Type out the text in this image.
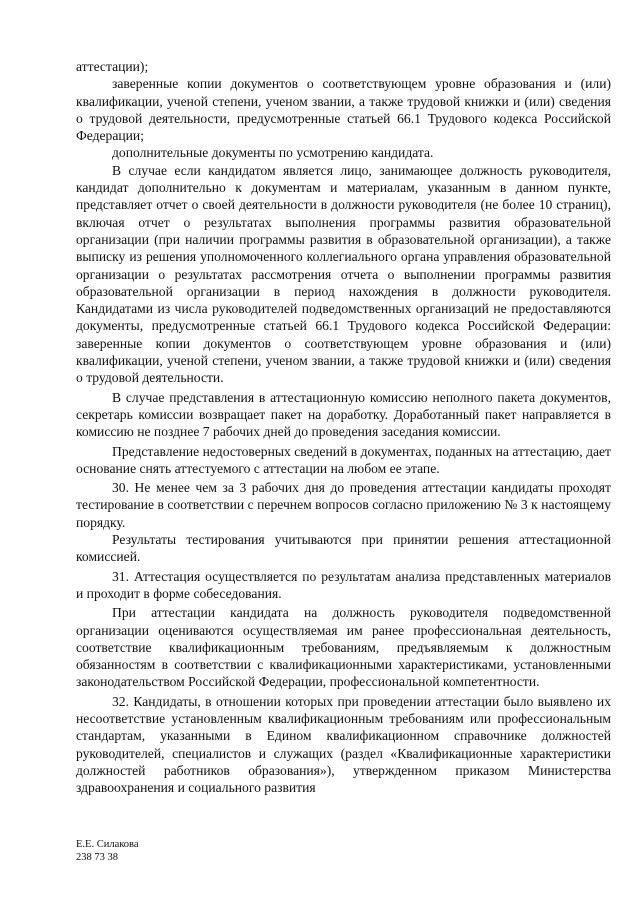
аттестации);

заверенные копии документов о соответствующем уровне образования и (или) квалификации, ученой степени, ученом звании, а также трудовой книжки и (или) сведения о трудовой деятельности, предусмотренные статьей 66.1 Трудового кодекса Российской Федерации;

дополнительные документы по усмотрению кандидата.

В случае если кандидатом является лицо, занимающее должность руководителя, кандидат дополнительно к документам и материалам, указанным в данном пункте, представляет отчет о своей деятельности в должности руководителя (не более 10 страниц), включая отчет о результатах выполнения программы развития образовательной организации (при наличии программы развития в образовательной организации), а также выписку из решения уполномоченного коллегиального органа управления образовательной организации о результатах рассмотрения отчета о выполнении программы развития образовательной организации в период нахождения в должности руководителя. Кандидатами из числа руководителей подведомственных организаций не предоставляются документы, предусмотренные статьей 66.1 Трудового кодекса Российской Федерации: заверенные копии документов о соответствующем уровне образования и (или) квалификации, ученой степени, ученом звании, а также трудовой книжки и (или) сведения о трудовой деятельности.

В случае представления в аттестационную комиссию неполного пакета документов, секретарь комиссии возвращает пакет на доработку. Доработанный пакет направляется в комиссию не позднее 7 рабочих дней до проведения заседания комиссии.

Представление недостоверных сведений в документах, поданных на аттестацию, дает основание снять аттестуемого с аттестации на любом ее этапе.

30. Не менее чем за 3 рабочих дня до проведения аттестации кандидаты проходят тестирование в соответствии с перечнем вопросов согласно приложению № 3 к настоящему порядку.

Результаты тестирования учитываются при принятии решения аттестационной комиссией.

31. Аттестация осуществляется по результатам анализа представленных материалов и проходит в форме собеседования.

При аттестации кандидата на должность руководителя подведомственной организации оцениваются осуществляемая им ранее профессиональная деятельность, соответствие квалификационным требованиям, предъявляемым к должностным обязанностям в соответствии с квалификационными характеристиками, установленными законодательством Российской Федерации, профессиональной компетентности.

32. Кандидаты, в отношении которых при проведении аттестации было выявлено их несоответствие установленным квалификационным требованиям или профессиональным стандартам, указанными в Едином квалификационном справочнике должностей руководителей, специалистов и служащих (раздел «Квалификационные характеристики должностей работников образования»), утвержденном приказом Министерства здравоохранения и социального развития

Е.Е. Силакова
238 73 38
